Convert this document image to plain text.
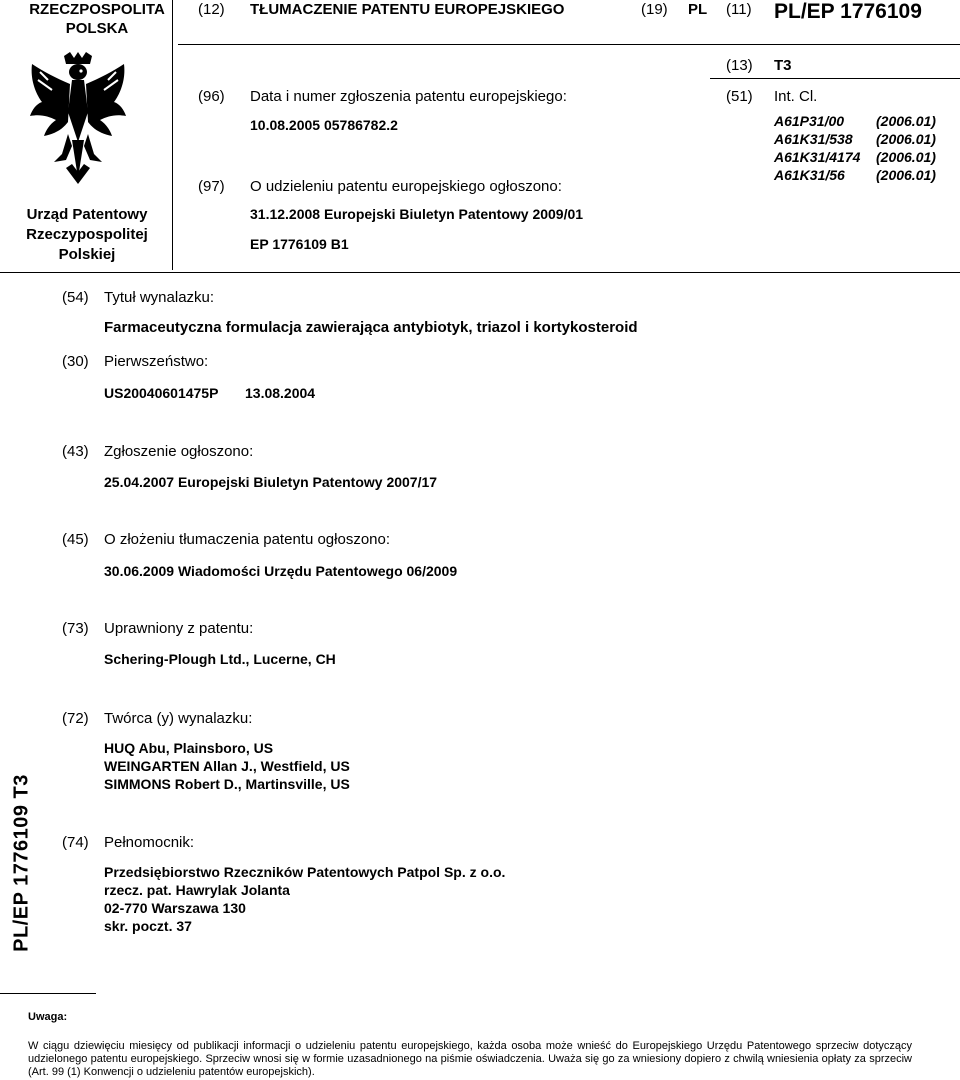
RZECZPOSPOLITA POLSKA
(12) TŁUMACZENIE PATENTU EUROPEJSKIEGO	(19) PL (11) PL/EP 1776109
Urząd Patentowy
Rzeczypospolitej
Polskiej
(13) T3
(96) Data i numer zgłoszenia patentu europejskiego:
10.08.2005 05786782.2
(51) Int. Cl.
A61P31/00 (2006.01)
A61K31/538 (2006.01)
A61K31/4174 (2006.01)
A61K31/56 (2006.01)
(97) O udzieleniu patentu europejskiego ogłoszono:
31.12.2008 Europejski Biuletyn Patentowy 2009/01
EP 1776109 B1
(54) Tytuł wynalazku:
Farmaceutyczna formulacja zawierająca antybiotyk, triazol i kortykosteroid
(30) Pierwszeństwo:
US20040601475P 13.08.2004
(43) Zgłoszenie ogłoszono:
25.04.2007 Europejski Biuletyn Patentowy 2007/17
(45) O złożeniu tłumaczenia patentu ogłoszono:
30.06.2009 Wiadomości Urzędu Patentowego 06/2009
(73) Uprawniony z patentu:
Schering-Plough Ltd., Lucerne, CH
(72) Twórca (y) wynalazku:
HUQ Abu, Plainsboro, US
WEINGARTEN Allan J., Westfield, US
SIMMONS Robert D., Martinsville, US
(74) Pełnomocnik:
Przedsiębiorstwo Rzeczników Patentowych Patpol Sp. z o.o.
rzecz. pat. Hawrylak Jolanta
02-770 Warszawa 130
skr. poczt. 37
PL/EP 1776109 T3
Uwaga:
W ciągu dziewięciu miesięcy od publikacji informacji o udzieleniu patentu europejskiego, każda osoba może wnieść do Europejskiego Urzędu Patentowego sprzeciw dotyczący udzielonego patentu europejskiego. Sprzeciw wnosi się w formie uzasadnionego na piśmie oświadczenia. Uważa się go za wniesiony dopiero z chwilą wniesienia opłaty za sprzeciw (Art. 99 (1) Konwencji o udzieleniu patentów europejskich).
